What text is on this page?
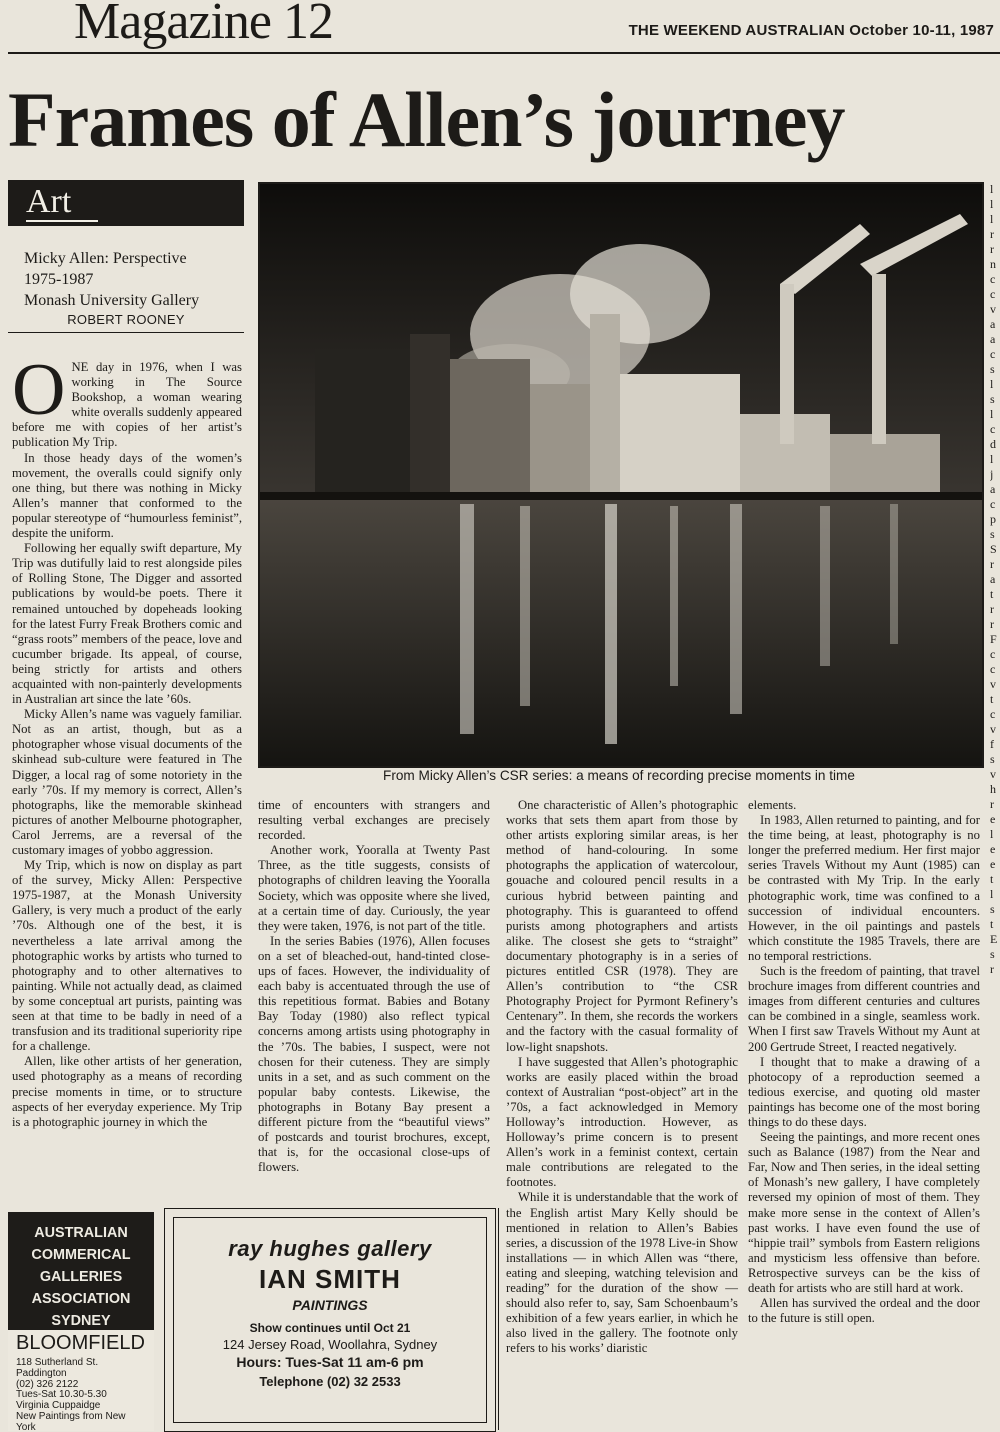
Magazine 12	THE WEEKEND AUSTRALIAN October 10-11, 1987
Frames of Allen’s journey
Art
Micky Allen: Perspective
1975-1987
Monash University Gallery
ROBERT ROONEY

ONE day in 1976, when I was working in The Source Bookshop, a woman wearing white overalls suddenly appeared before me with copies of her artist’s publication My Trip.

In those heady days of the women’s movement, the overalls could signify only one thing, but there was nothing in Micky Allen’s manner that conformed to the popular stereotype of “humourless feminist”, despite the uniform.

Following her equally swift departure, My Trip was dutifully laid to rest alongside piles of Rolling Stone, The Digger and assorted publications by would-be poets. There it remained untouched by dopeheads looking for the latest Furry Freak Brothers comic and “grass roots” members of the peace, love and cucumber brigade. Its appeal, of course, being strictly for artists and others acquainted with non-painterly developments in Australian art since the late ’60s.

Micky Allen’s name was vaguely familiar. Not as an artist, though, but as a photographer whose visual documents of the skinhead sub-culture were featured in The Digger, a local rag of some notoriety in the early ’70s. If my memory is correct, Allen’s photographs, like the memorable skinhead pictures of another Melbourne photographer, Carol Jerrems, are a reversal of the customary images of yobbo aggression.

My Trip, which is now on display as part of the survey, Micky Allen: Perspective 1975-1987, at the Monash University Gallery, is very much a product of the early ’70s. Although one of the best, it is nevertheless a late arrival among the photographic works by artists who turned to photography and to other alternatives to painting. While not actually dead, as claimed by some conceptual art purists, painting was seen at that time to be badly in need of a transfusion and its traditional superiority ripe for a challenge.

Allen, like other artists of her generation, used photography as a means of recording precise moments in time, or to structure aspects of her everyday experience. My Trip is a photographic journey in which the

From Micky Allen’s CSR series: a means of recording precise moments in time

time of encounters with strangers and resulting verbal exchanges are precisely recorded.

Another work, Yooralla at Twenty Past Three, as the title suggests, consists of photographs of children leaving the Yooralla Society, which was opposite where she lived, at a certain time of day. Curiously, the year they were taken, 1976, is not part of the title.

In the series Babies (1976), Allen focuses on a set of bleached-out, hand-tinted close-ups of faces. However, the individuality of each baby is accentuated through the use of this repetitious format. Babies and Botany Bay Today (1980) also reflect typical concerns among artists using photography in the ’70s. The babies, I suspect, were not chosen for their cuteness. They are simply units in a set, and as such comment on the popular baby contests. Likewise, the photographs in Botany Bay present a different picture from the “beautiful views” of postcards and tourist brochures, except, that is, for the occasional close-ups of flowers.

One characteristic of Allen’s photographic works that sets them apart from those by other artists exploring similar areas, is her method of hand-colouring. In some photographs the application of watercolour, gouache and coloured pencil results in a curious hybrid between painting and photography. This is guaranteed to offend purists among photographers and artists alike. The closest she gets to “straight” documentary photography is in a series of pictures entitled CSR (1978). They are Allen’s contribution to “the CSR Photography Project for Pyrmont Refinery’s Centenary”. In them, she records the workers and the factory with the casual formality of low-light snapshots.

I have suggested that Allen’s photographic works are easily placed within the broad context of Australian “post-object” art in the ’70s, a fact acknowledged in Memory Holloway’s introduction. However, as Holloway’s prime concern is to present Allen’s work in a feminist context, certain male contributions are relegated to the footnotes.

While it is understandable that the work of the English artist Mary Kelly should be mentioned in relation to Allen’s Babies series, a discussion of the 1978 Live-in Show installations — in which Allen was “there, eating and sleeping, watching television and reading” for the duration of the show — should also refer to, say, Sam Schoenbaum’s exhibition of a few years earlier, in which he also lived in the gallery. The footnote only refers to his works’ diaristic

elements.

In 1983, Allen returned to painting, and for the time being, at least, photography is no longer the preferred medium. Her first major series Travels Without my Aunt (1985) can be contrasted with My Trip. In the early photographic work, time was confined to a succession of individual encounters. However, in the oil paintings and pastels which constitute the 1985 Travels, there are no temporal restrictions.

Such is the freedom of painting, that travel brochure images from different countries and images from different centuries and cultures can be combined in a single, seamless work. When I first saw Travels Without my Aunt at 200 Gertrude Street, I reacted negatively.

I thought that to make a drawing of a photocopy of a reproduction seemed a tedious exercise, and quoting old master paintings has become one of the most boring things to do these days.

Seeing the paintings, and more recent ones such as Balance (1987) from the Near and Far, Now and Then series, in the ideal setting of Monash’s new gallery, I have completely reversed my opinion of most of them. They make more sense in the context of Allen’s past works. I have even found the use of “hippie trail” symbols from Eastern religions and mysticism less offensive than before. Retrospective surveys can be the kiss of death for artists who are still hard at work.

Allen has survived the ordeal and the door to the future is still open.

l
l
l
r
r
n
c
c
v
a
a
c
s
l
s
l
c
d
l
j
a
c
p
s
S
r
a
t
r
r
F
c
c
v
t
c
v
f
s
v
h
r
e
l
e
e
t
l
s
t
E
s
r
AUSTRALIAN
COMMERICAL
GALLERIES
ASSOCIATION
SYDNEY
BLOOMFIELD
118 Sutherland St.
Paddington
(02) 326 2122
Tues-Sat 10.30-5.30
Virginia Cuppaidge
New Paintings from New
York
ray hughes gallery
IAN SMITH
PAINTINGS
Show continues until Oct 21
124 Jersey Road, Woollahra, Sydney
Hours: Tues-Sat 11 am-6 pm
Telephone (02) 32 2533
